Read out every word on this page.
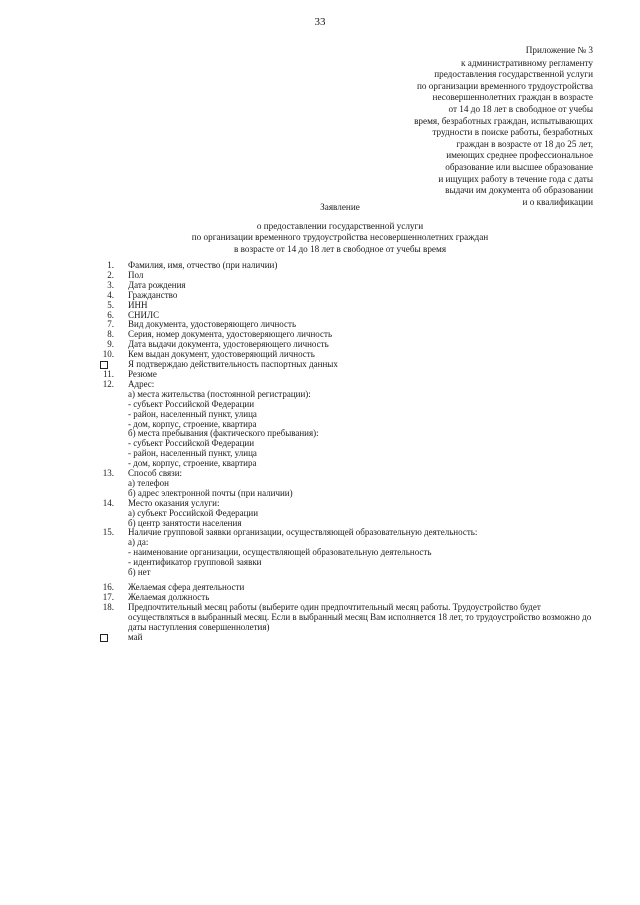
33
Приложение № 3
к административному регламенту
предоставления государственной услуги
по организации временного трудоустройства
несовершеннолетних граждан в возрасте
от 14 до 18 лет в свободное от учебы
время, безработных граждан, испытывающих
трудности в поиске работы, безработных
граждан в возрасте от 18 до 25 лет,
имеющих среднее профессиональное
образование или высшее образование
и ищущих работу в течение года с даты
выдачи им документа об образовании
и о квалификации
Заявление
о предоставлении государственной услуги
по организации временного трудоустройства несовершеннолетних граждан
в возрасте от 14 до 18 лет в свободное от учебы время
1. Фамилия, имя, отчество (при наличии)
2. Пол
3. Дата рождения
4. Гражданство
5. ИНН
6. СНИЛС
7. Вид документа, удостоверяющего личность
8. Серия, номер документа, удостоверяющего личность
9. Дата выдачи документа, удостоверяющего личность
10. Кем выдан документ, удостоверяющий личность
Я подтверждаю действительность паспортных данных
11. Резюме
12. Адрес:
а) места жительства (постоянной регистрации):
- субъект Российской Федерации
- район, населенный пункт, улица
- дом, корпус, строение, квартира
б) места пребывания (фактического пребывания):
- субъект Российской Федерации
- район, населенный пункт, улица
- дом, корпус, строение, квартира
13. Способ связи:
а) телефон
б) адрес электронной почты (при наличии)
14. Место оказания услуги:
а) субъект Российской Федерации
б) центр занятости населения
15. Наличие групповой заявки организации, осуществляющей образовательную деятельность:
а) да:
- наименование организации, осуществляющей образовательную деятельность
- идентификатор групповой заявки
б) нет
16. Желаемая сфера деятельности
17. Желаемая должность
18. Предпочтительный месяц работы (выберите один предпочтительный месяц работы. Трудоустройство будет осуществляться в выбранный месяц. Если в выбранный месяц Вам исполняется 18 лет, то трудоустройство возможно до даты наступления совершеннолетия)
май
